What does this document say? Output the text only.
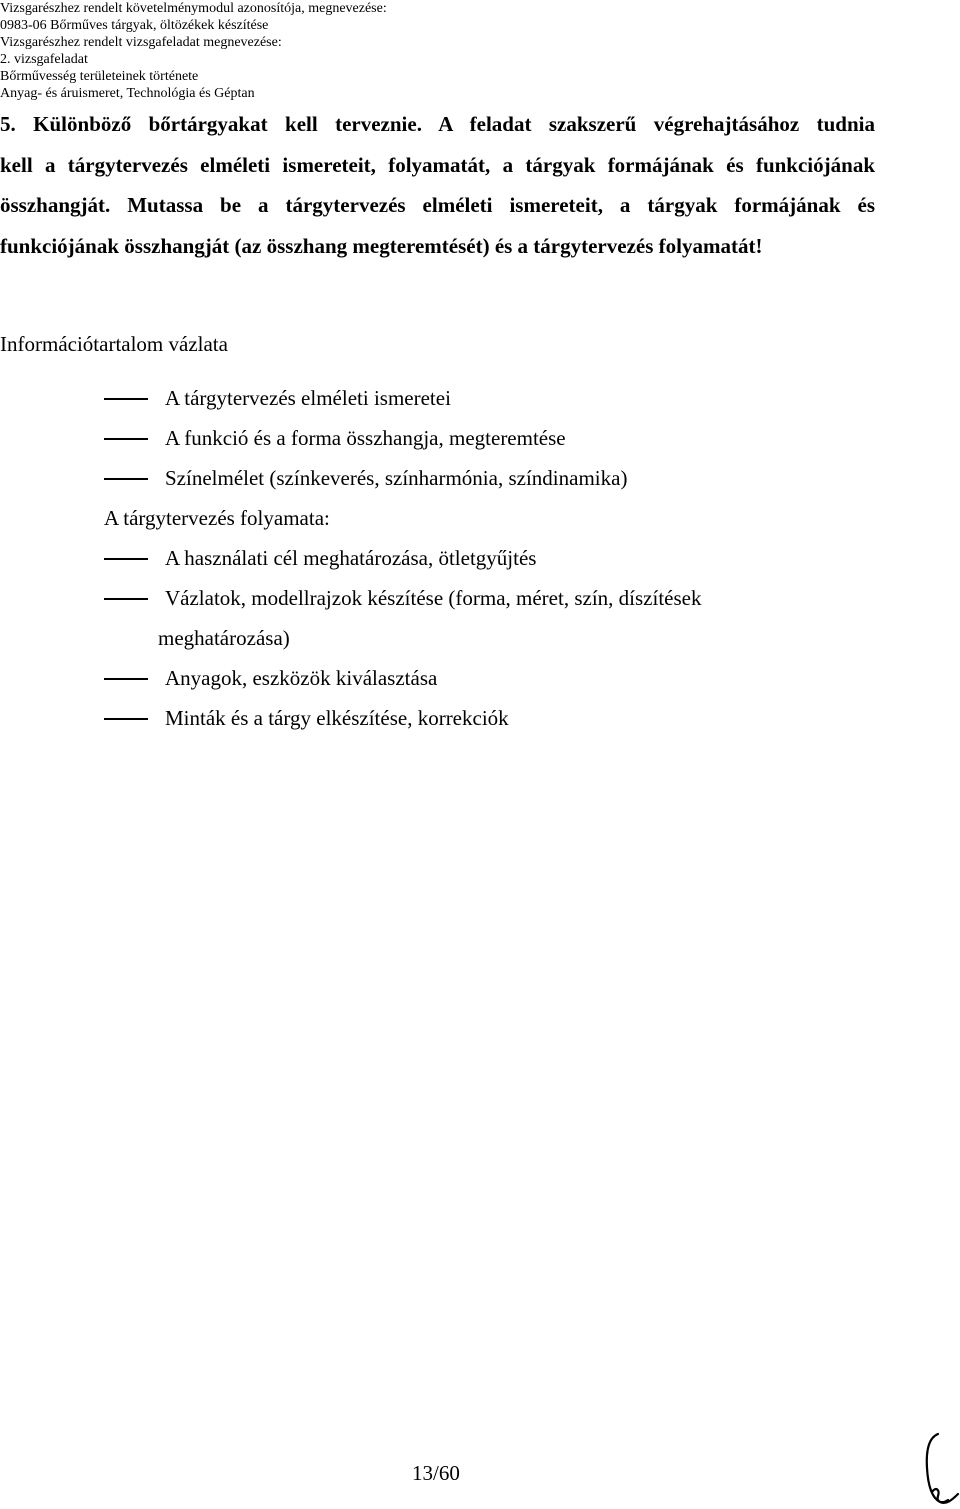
Vizsgarészhez rendelt követelménymodul azonosítója, megnevezése:
0983-06 Bőrműves tárgyak, öltözékek készítése
Vizsgarészhez rendelt vizsgafeladat megnevezése:
2. vizsgafeladat
Bőrművesség területeinek története
Anyag- és áruismeret, Technológia és Géptan
5. Különböző bőrtárgyakat kell terveznie. A feladat szakszerű végrehajtásához tudnia
kell a tárgytervezés elméleti ismereteit, folyamatát, a tárgyak formájának és funkciójának összhangját. Mutassa be a tárgytervezés elméleti ismereteit, a tárgyak formájának és funkciójának összhangját (az összhang megteremtését) és a tárgytervezés folyamatát!
Információtartalom vázlata
A tárgytervezés elméleti ismeretei
A funkció és a forma összhangja, megteremtése
Színelmélet (színkeverés, színharmónia, színdinamika)
A tárgytervezés folyamata:
A használati cél meghatározása, ötletgyűjtés
Vázlatok, modellrajzok készítése (forma, méret, szín, díszítések
meghatározása)
Anyagok, eszközök kiválasztása
Minták és a tárgy elkészítése, korrekciók
13/60
